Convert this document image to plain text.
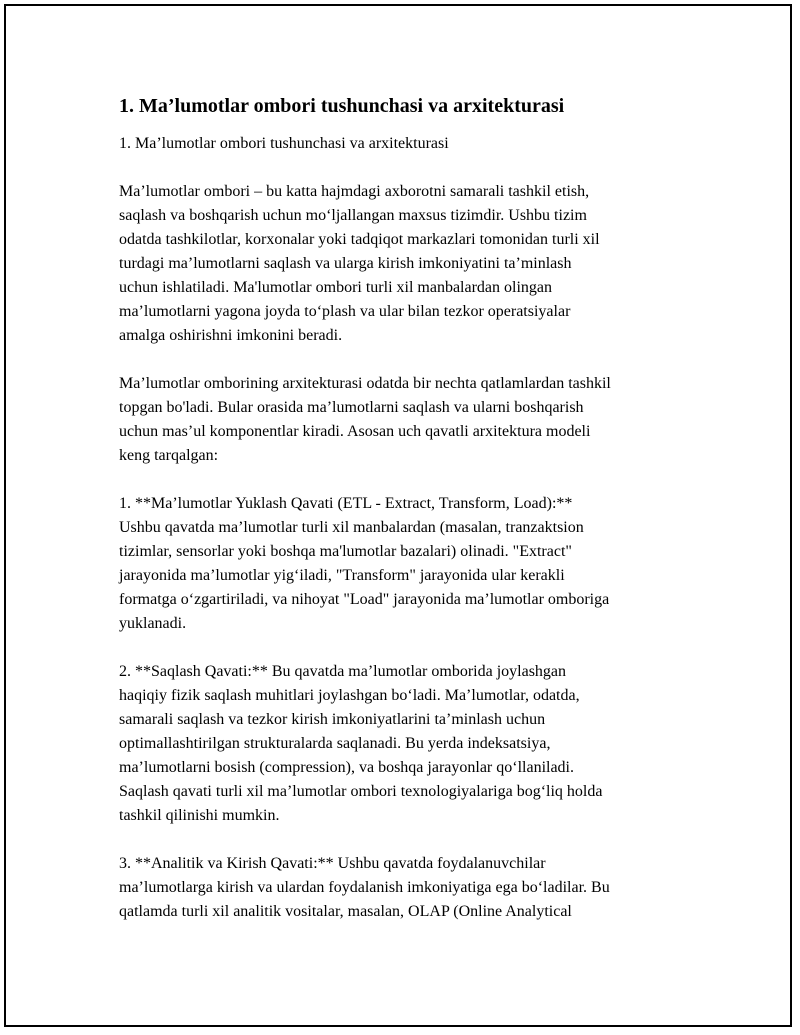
1. Ma’lumotlar ombori tushunchasi va arxitekturasi

1. Ma’lumotlar ombori tushunchasi va arxitekturasi

Ma’lumotlar ombori – bu katta hajmdagi axborotni samarali tashkil etish,
saqlash va boshqarish uchun mo‘ljallangan maxsus tizimdir. Ushbu tizim
odatda tashkilotlar, korxonalar yoki tadqiqot markazlari tomonidan turli xil
turdagi ma’lumotlarni saqlash va ularga kirish imkoniyatini ta’minlash
uchun ishlatiladi. Ma'lumotlar ombori turli xil manbalardan olingan
ma’lumotlarni yagona joyda to‘plash va ular bilan tezkor operatsiyalar
amalga oshirishni imkonini beradi.

Ma’lumotlar omborining arxitekturasi odatda bir nechta qatlamlardan tashkil
topgan bo'ladi. Bular orasida ma’lumotlarni saqlash va ularni boshqarish
uchun mas’ul komponentlar kiradi. Asosan uch qavatli arxitektura modeli
keng tarqalgan:

1. **Ma’lumotlar Yuklash Qavati (ETL - Extract, Transform, Load):**
Ushbu qavatda ma’lumotlar turli xil manbalardan (masalan, tranzaktsion
tizimlar, sensorlar yoki boshqa ma'lumotlar bazalari) olinadi. "Extract"
jarayonida ma’lumotlar yig‘iladi, "Transform" jarayonida ular kerakli
formatga o‘zgartiriladi, va nihoyat "Load" jarayonida ma’lumotlar omboriga
yuklanadi.

2. **Saqlash Qavati:** Bu qavatda ma’lumotlar omborida joylashgan
haqiqiy fizik saqlash muhitlari joylashgan bo‘ladi. Ma’lumotlar, odatda,
samarali saqlash va tezkor kirish imkoniyatlarini ta’minlash uchun
optimallashtirilgan strukturalarda saqlanadi. Bu yerda indeksatsiya,
ma’lumotlarni bosish (compression), va boshqa jarayonlar qo‘llaniladi.
Saqlash qavati turli xil ma’lumotlar ombori texnologiyalariga bog‘liq holda
tashkil qilinishi mumkin.

3. **Analitik va Kirish Qavati:** Ushbu qavatda foydalanuvchilar
ma’lumotlarga kirish va ulardan foydalanish imkoniyatiga ega bo‘ladilar. Bu
qatlamda turli xil analitik vositalar, masalan, OLAP (Online Analytical
